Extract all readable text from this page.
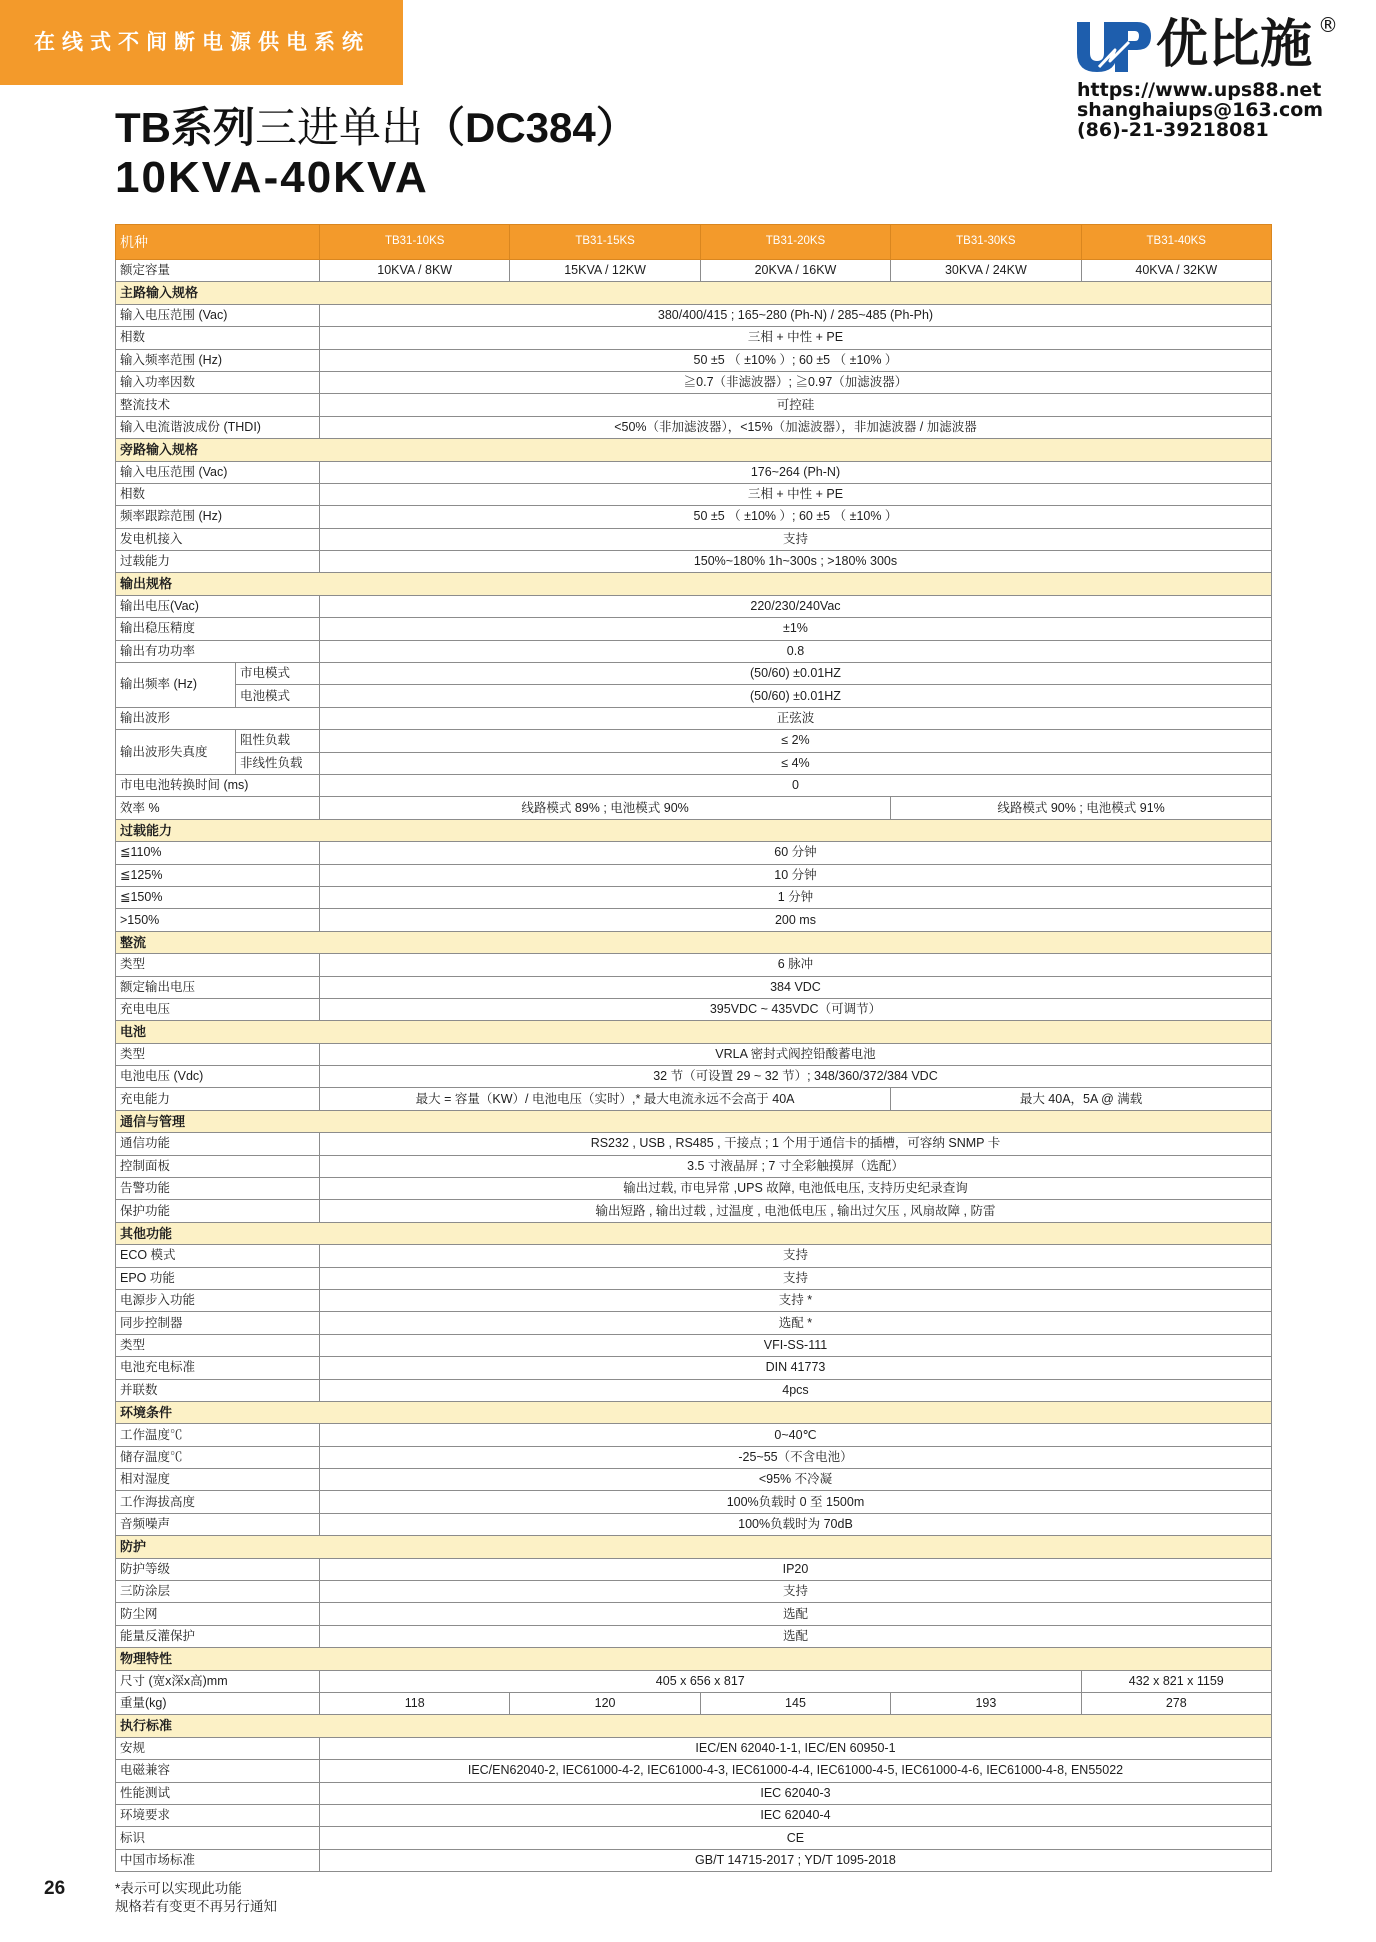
在线式不间断电源供电系统	优比施 ®
https://www.ups88.net
shanghaiups@163.com
(86)-21-39218081
TB系列三进单出（DC384）
10KVA-40KVA
机种		TB31-10KS	TB31-15KS	TB31-20KS	TB31-30KS	TB31-40KS
额定容量		10KVA / 8KW	15KVA / 12KW	20KVA / 16KW	30KVA / 24KW	40KVA / 32KW
主路输入规格						
输入电压范围 (Vac)		380/400/415 ; 165~280 (Ph-N) / 285~485 (Ph-Ph)				
相数		三相 + 中性 + PE				
输入频率范围 (Hz)		50 ±5 （ ±10% ）; 60 ±5 （ ±10% ）				
输入功率因数		≧0.7（非滤波器）; ≧0.97（加滤波器）				
整流技术		可控硅				
输入电流谐波成份 (THDI)		<50%（非加滤波器），<15%（加滤波器），非加滤波器 / 加滤波器				
旁路输入规格						
输入电压范围 (Vac)		176~264 (Ph-N)				
相数		三相 + 中性 + PE				
频率跟踪范围 (Hz)		50 ±5 （ ±10% ）; 60 ±5 （ ±10% ）				
发电机接入		支持				
过载能力		150%~180% 1h~300s ; >180% 300s				
输出规格						
输出电压(Vac)		220/230/240Vac				
输出稳压精度		±1%				
输出有功功率		0.8				
输出频率 (Hz)	市电模式	(50/60) ±0.01HZ				
	电池模式	(50/60) ±0.01HZ				
输出波形		正弦波				
输出波形失真度	阻性负载	≤ 2%				
	非线性负载	≤ 4%				
市电电池转换时间 (ms)		0				
效率 %		线路模式 89% ; 电池模式 90%			线路模式 90% ; 电池模式 91%	
过载能力						
≦110%		60 分钟				
≦125%		10 分钟				
≦150%		1 分钟				
>150%		200 ms				
整流						
类型		6 脉冲				
额定输出电压		384 VDC				
充电电压		395VDC ~ 435VDC（可调节）				
电池						
类型		VRLA 密封式阀控铅酸蓄电池				
电池电压 (Vdc)		32 节（可设置 29 ~ 32 节）; 348/360/372/384 VDC				
充电能力		最大 = 容量（KW）/ 电池电压（实时）,* 最大电流永远不会高于 40A			最大 40A，5A @ 满载	
通信与管理						
通信功能		RS232 , USB , RS485 , 干接点 ; 1 个用于通信卡的插槽，可容纳 SNMP 卡				
控制面板		3.5 寸液晶屏 ; 7 寸全彩触摸屏（选配）				
告警功能		输出过载, 市电异常 ,UPS 故障, 电池低电压, 支持历史纪录查询				
保护功能		输出短路 , 输出过载 , 过温度 , 电池低电压 , 输出过欠压 , 风扇故障 , 防雷				
其他功能						
ECO 模式		支持				
EPO 功能		支持				
电源步入功能		支持 *				
同步控制器		选配 *				
类型		VFI-SS-111				
电池充电标准		DIN 41773				
并联数		4pcs				
环境条件						
工作温度℃		0~40℃				
储存温度℃		-25~55（不含电池）				
相对湿度		<95% 不冷凝				
工作海拔高度		100%负载时 0 至 1500m				
音频噪声		100%负载时为 70dB				
防护						
防护等级		IP20				
三防涂层		支持				
防尘网		选配				
能量反灌保护		选配				
物理特性						
尺寸 (宽x深x高)mm		405 x 656 x 817				432 x 821 x 1159
重量(kg)		118	120	145	193	278
执行标准						
安规		IEC/EN 62040-1-1, IEC/EN 60950-1				
电磁兼容		IEC/EN62040-2, IEC61000-4-2, IEC61000-4-3, IEC61000-4-4, IEC61000-4-5, IEC61000-4-6, IEC61000-4-8, EN55022				
性能测试		IEC 62040-3				
环境要求		IEC 62040-4				
标识		CE				
中国市场标准		GB/T 14715-2017 ; YD/T 1095-2018				
26	*表示可以实现此功能
规格若有变更不再另行通知
